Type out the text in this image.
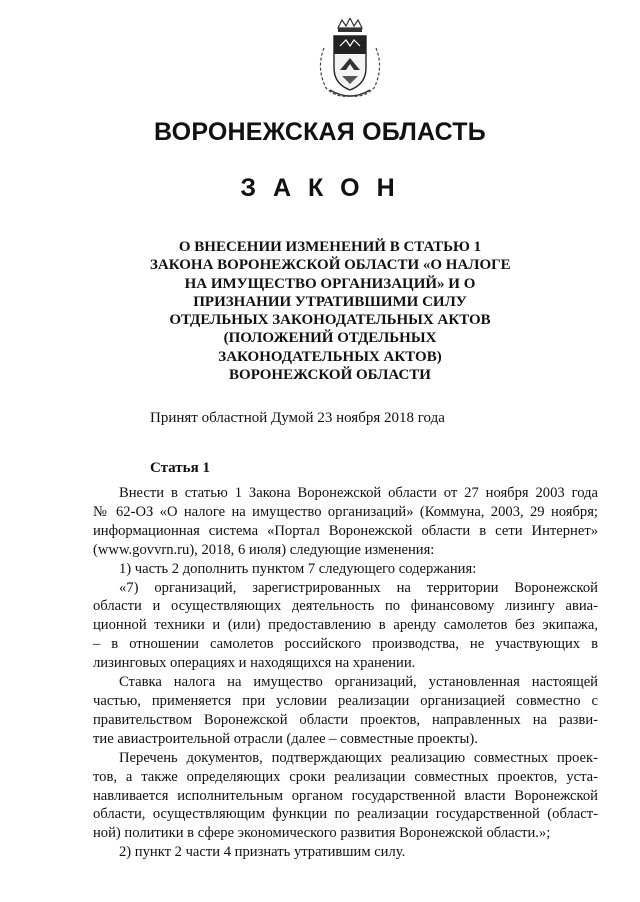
ВОРОНЕЖСКАЯ ОБЛАСТЬ
З А К О Н
О ВНЕСЕНИИ ИЗМЕНЕНИЙ В СТАТЬЮ 1
ЗАКОНА ВОРОНЕЖСКОЙ ОБЛАСТИ «О НАЛОГЕ
НА ИМУЩЕСТВО ОРГАНИЗАЦИЙ» И О
ПРИЗНАНИИ УТРАТИВШИМИ СИЛУ
ОТДЕЛЬНЫХ ЗАКОНОДАТЕЛЬНЫХ АКТОВ
(ПОЛОЖЕНИЙ ОТДЕЛЬНЫХ
ЗАКОНОДАТЕЛЬНЫХ АКТОВ)
ВОРОНЕЖСКОЙ ОБЛАСТИ
Принят областной Думой 23 ноября 2018 года
Статья 1
Внести в статью 1 Закона Воронежской области от 27 ноября 2003 года
№ 62-ОЗ «О налоге на имущество организаций» (Коммуна, 2003, 29 ноября;
информационная система «Портал Воронежской области в сети Интернет»
(www.govvrn.ru), 2018, 6 июля) следующие изменения:
1) часть 2 дополнить пунктом 7 следующего содержания:
«7) организаций, зарегистрированных на территории Воронежской
области и осуществляющих деятельность по финансовому лизингу авиа-
ционной техники и (или) предоставлению в аренду самолетов без экипажа,
– в отношении самолетов российского производства, не участвующих в
лизинговых операциях и находящихся на хранении.
Ставка налога на имущество организаций, установленная настоящей
частью, применяется при условии реализации организацией совместно с
правительством Воронежской области проектов, направленных на разви-
тие авиастроительной отрасли (далее – совместные проекты).
Перечень документов, подтверждающих реализацию совместных проек-
тов, а также определяющих сроки реализации совместных проектов, уста-
навливается исполнительным органом государственной власти Воронежской
области, осуществляющим функции по реализации государственной (област-
ной) политики в сфере экономического развития Воронежской области.»;
2) пункт 2 части 4 признать утратившим силу.
